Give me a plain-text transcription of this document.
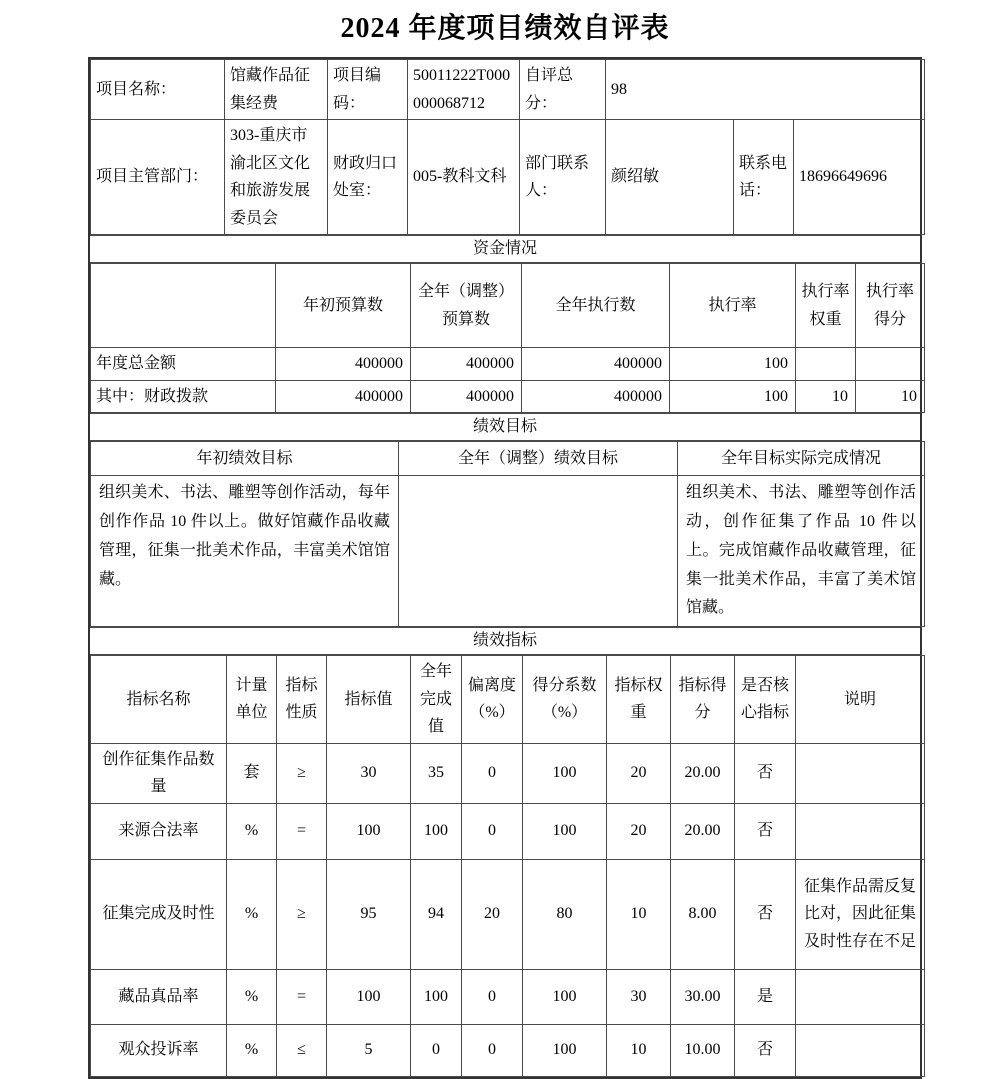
2024 年度项目绩效自评表
项目名称：	馆藏作品征集经费	项目编码：	50011222T000000068712	自评总分：	98		
项目主管部门：	303-重庆市渝北区文化和旅游发展委员会	财政归口处室：	005-教科文科	部门联系人：	颜绍敏	联系电话：	18696649696
资金情况
	年初预算数	全年（调整）预算数	全年执行数	执行率	执行率权重	执行率得分
年度总金额	400000	400000	400000	100		
其中：财政拨款	400000	400000	400000	100	10	10
绩效目标
年初绩效目标	全年（调整）绩效目标	全年目标实际完成情况
组织美术、书法、雕塑等创作活动，每年创作作品 10 件以上。做好馆藏作品收藏管理，征集一批美术作品，丰富美术馆馆藏。		组织美术、书法、雕塑等创作活动，创作征集了作品 10 件以上。完成馆藏作品收藏管理，征集一批美术作品，丰富了美术馆馆藏。
绩效指标
指标名称	计量单位	指标性质	指标值	全年完成值	偏离度（%）	得分系数（%）	指标权重	指标得分	是否核心指标	说明
创作征集作品数量	套	≥	30	35	0	100	20	20.00	否	
来源合法率	%	=	100	100	0	100	20	20.00	否	
征集完成及时性	%	≥	95	94	20	80	10	8.00	否	征集作品需反复比对，因此征集及时性存在不足
藏品真品率	%	=	100	100	0	100	30	30.00	是	
观众投诉率	%	≤	5	0	0	100	10	10.00	否	
